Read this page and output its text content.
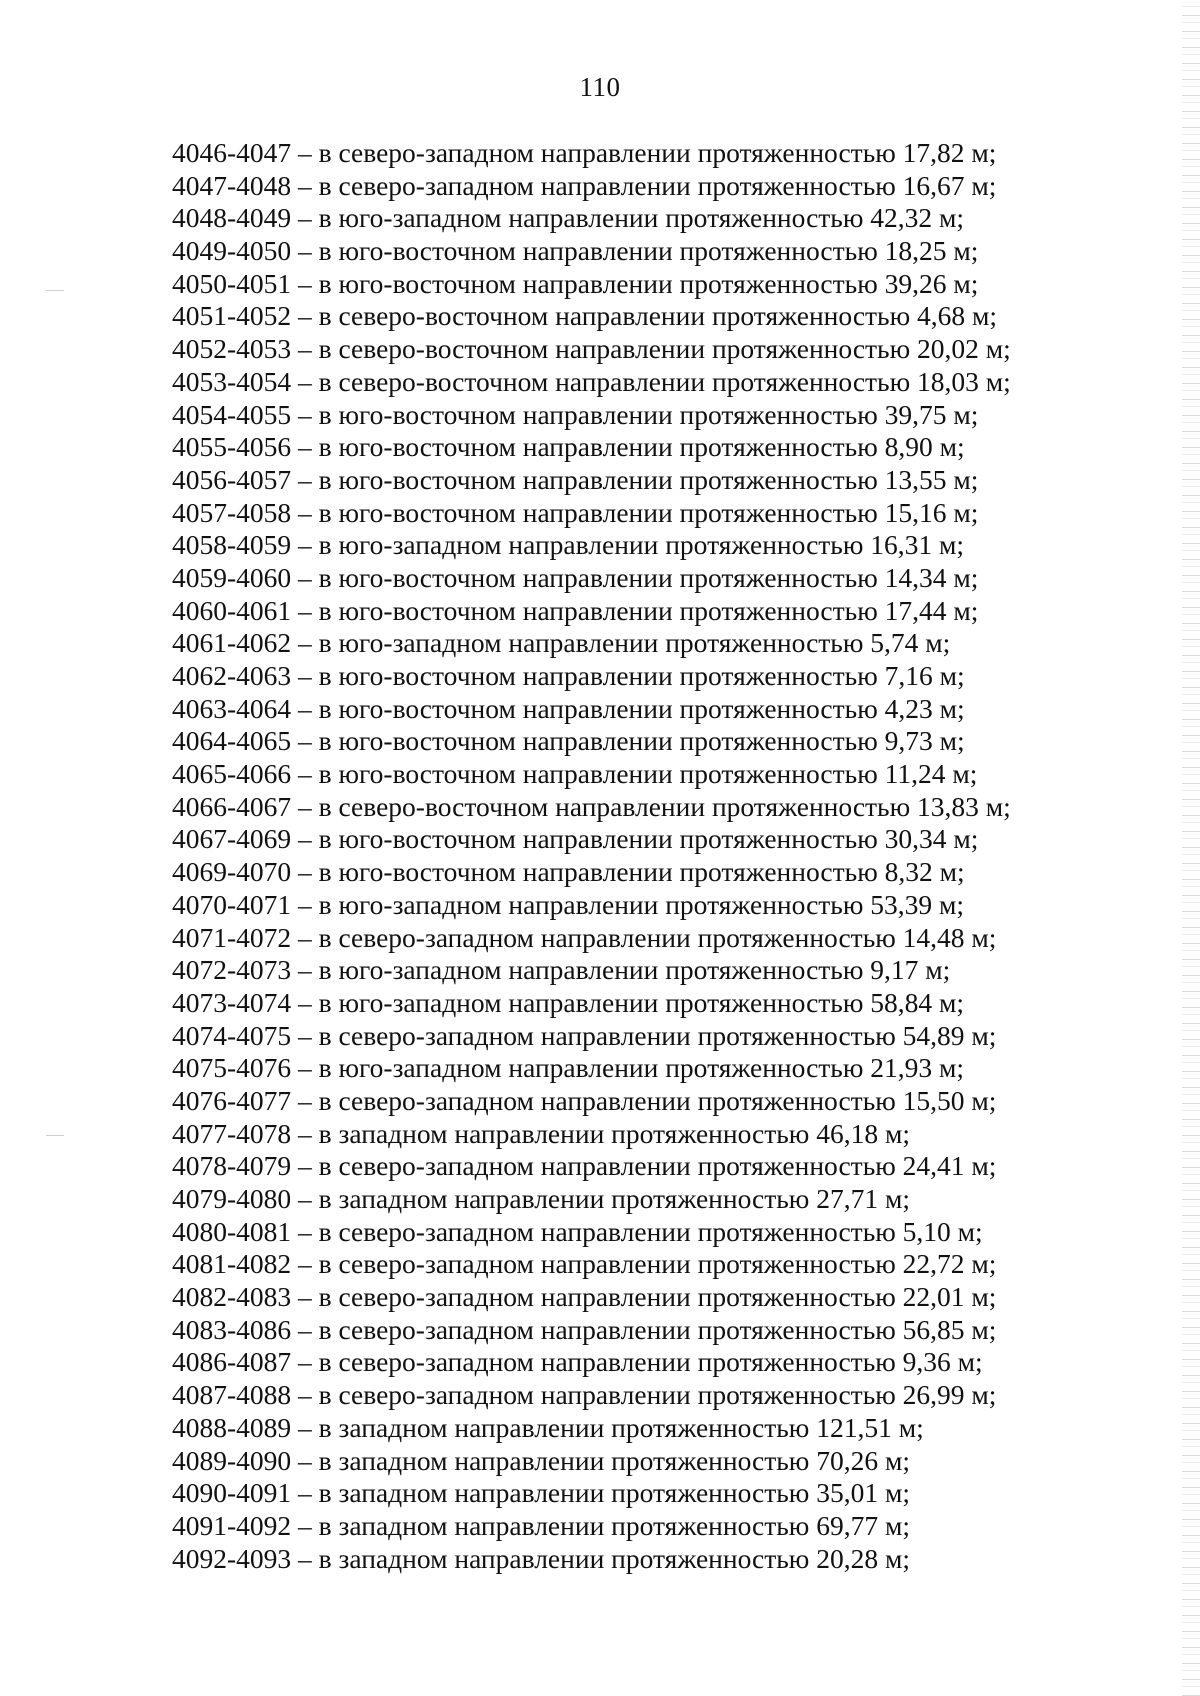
110
4046-4047 – в северо-западном направлении протяженностью 17,82 м;
4047-4048 – в северо-западном направлении протяженностью 16,67 м;
4048-4049 – в юго-западном направлении протяженностью 42,32 м;
4049-4050 – в юго-восточном направлении протяженностью 18,25 м;
4050-4051 – в юго-восточном направлении протяженностью 39,26 м;
4051-4052 – в северо-восточном направлении протяженностью 4,68 м;
4052-4053 – в северо-восточном направлении протяженностью 20,02 м;
4053-4054 – в северо-восточном направлении протяженностью 18,03 м;
4054-4055 – в юго-восточном направлении протяженностью 39,75 м;
4055-4056 – в юго-восточном направлении протяженностью 8,90 м;
4056-4057 – в юго-восточном направлении протяженностью 13,55 м;
4057-4058 – в юго-восточном направлении протяженностью 15,16 м;
4058-4059 – в юго-западном направлении протяженностью 16,31 м;
4059-4060 – в юго-восточном направлении протяженностью 14,34 м;
4060-4061 – в юго-восточном направлении протяженностью 17,44 м;
4061-4062 – в юго-западном направлении протяженностью 5,74 м;
4062-4063 – в юго-восточном направлении протяженностью 7,16 м;
4063-4064 – в юго-восточном направлении протяженностью 4,23 м;
4064-4065 – в юго-восточном направлении протяженностью 9,73 м;
4065-4066 – в юго-восточном направлении протяженностью 11,24 м;
4066-4067 – в северо-восточном направлении протяженностью 13,83 м;
4067-4069 – в юго-восточном направлении протяженностью 30,34 м;
4069-4070 – в юго-восточном направлении протяженностью 8,32 м;
4070-4071 – в юго-западном направлении протяженностью 53,39 м;
4071-4072 – в северо-западном направлении протяженностью 14,48 м;
4072-4073 – в юго-западном направлении протяженностью 9,17 м;
4073-4074 – в юго-западном направлении протяженностью 58,84 м;
4074-4075 – в северо-западном направлении протяженностью 54,89 м;
4075-4076 – в юго-западном направлении протяженностью 21,93 м;
4076-4077 – в северо-западном направлении протяженностью 15,50 м;
4077-4078 – в западном направлении протяженностью 46,18 м;
4078-4079 – в северо-западном направлении протяженностью 24,41 м;
4079-4080 – в западном направлении протяженностью 27,71 м;
4080-4081 – в северо-западном направлении протяженностью 5,10 м;
4081-4082 – в северо-западном направлении протяженностью 22,72 м;
4082-4083 – в северо-западном направлении протяженностью 22,01 м;
4083-4086 – в северо-западном направлении протяженностью 56,85 м;
4086-4087 – в северо-западном направлении протяженностью 9,36 м;
4087-4088 – в северо-западном направлении протяженностью 26,99 м;
4088-4089 – в западном направлении протяженностью 121,51 м;
4089-4090 – в западном направлении протяженностью 70,26 м;
4090-4091 – в западном направлении протяженностью 35,01 м;
4091-4092 – в западном направлении протяженностью 69,77 м;
4092-4093 – в западном направлении протяженностью 20,28 м;
